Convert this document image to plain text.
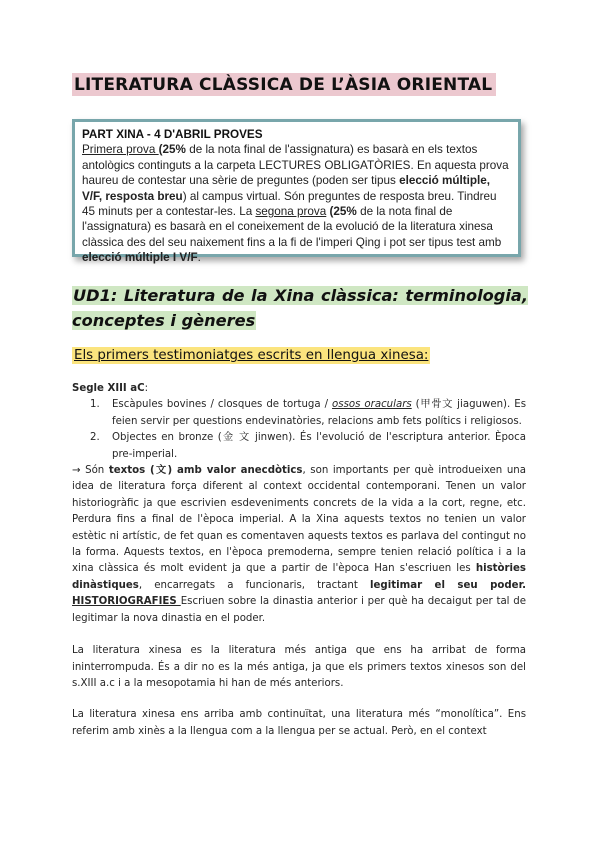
LITERATURA CLÀSSICA DE L’ÀSIA ORIENTAL
PART XINA - 4 D'ABRIL PROVES

Primera prova (25% de la nota final de l'assignatura) es basarà en els textos antològics continguts a la carpeta LECTURES OBLIGATÒRIES. En aquesta prova haureu de contestar una sèrie de preguntes (poden ser tipus elecció múltiple, V/F, resposta breu) al campus virtual. Són preguntes de resposta breu. Tindreu 45 minuts per a contestar-les. La segona prova (25% de la nota final de l'assignatura) es basarà en el coneixement de la evolució de la literatura xinesa clàssica des del seu naixement fins a la fi de l'imperi Qing i pot ser tipus test amb elecció múltiple I V/F.

UD1: Literatura de la Xina clàssica: terminologia, conceptes i gèneres
Els primers testimoniatges escrits en llengua xinesa:

Segle XIII aC:

1. Escàpules bovines / closques de tortuga / ossos oraculars (甲骨文 jiaguwen). Es feien servir per questions endevinatòries, relacions amb fets polítics i religiosos.
2. Objectes en bronze (金 文 jinwen). És l'evolució de l'escriptura anterior. Època pre-imperial.

→ Són textos (文) amb valor anecdòtics, son importants per què introdueixen una idea de literatura força diferent al context occidental contemporani. Tenen un valor historiogràfic ja que escrivien esdeveniments concrets de la vida a la cort, regne, etc. Perdura fins a final de l'època imperial. A la Xina aquests textos no tenien un valor estètic ni artístic, de fet quan es comentaven aquests textos es parlava del contingut no la forma. Aquests textos, en l'època premoderna, sempre tenien relació política i a la xina clàssica és molt evident ja que a partir de l'època Han s'escriuen les històries dinàstiques, encarregats a funcionaris, tractant legitimar el seu poder. HISTORIOGRAFIES Escriuen sobre la dinastia anterior i per què ha decaigut per tal de legitimar la nova dinastia en el poder.

La literatura xinesa es la literatura més antiga que ens ha arribat de forma ininterrompuda. És a dir no es la més antiga, ja que els primers textos xinesos son del s.XIII a.c i a la mesopotamia hi han de més anteriors.

La literatura xinesa ens arriba amb continuïtat, una literatura més “monolítica”. Ens referim amb xinès a la llengua com a la llengua per se actual. Però, en el context
